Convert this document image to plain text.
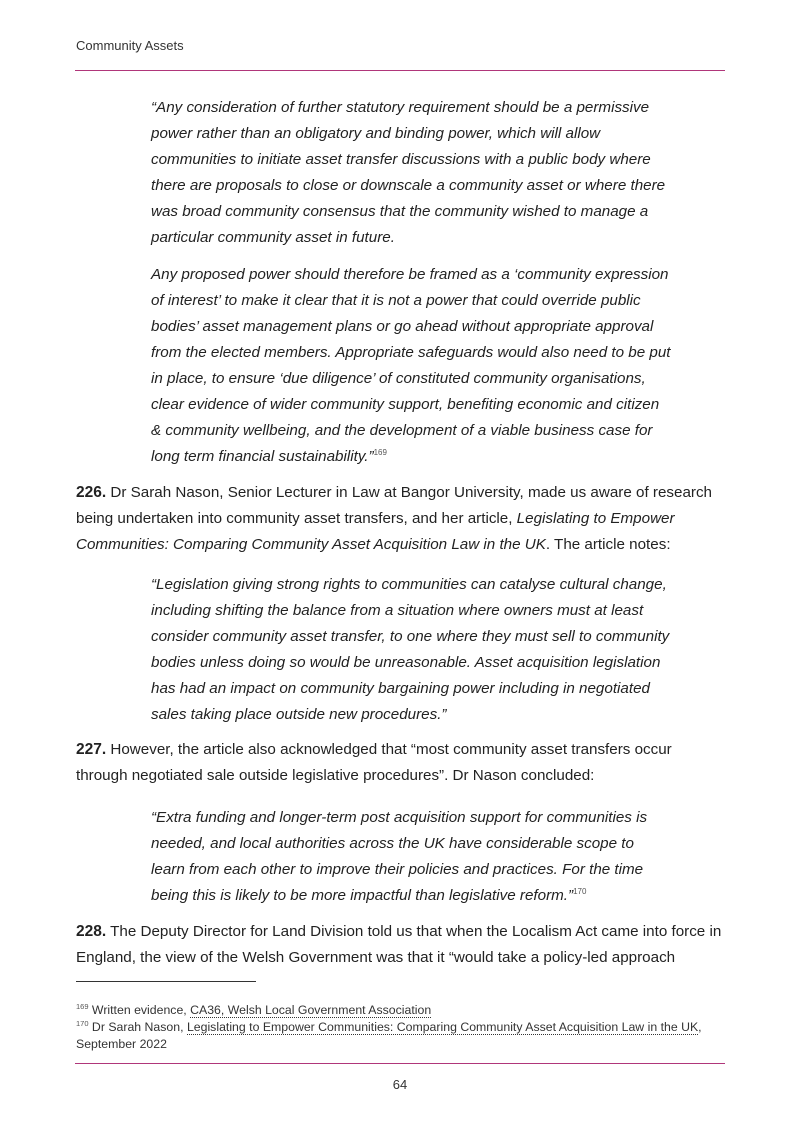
Community Assets
“Any consideration of further statutory requirement should be a permissive power rather than an obligatory and binding power, which will allow communities to initiate asset transfer discussions with a public body where there are proposals to close or downscale a community asset or where there was broad community consensus that the community wished to manage a particular community asset in future.
Any proposed power should therefore be framed as a ‘community expression of interest’ to make it clear that it is not a power that could override public bodies’ asset management plans or go ahead without appropriate approval from the elected members. Appropriate safeguards would also need to be put in place, to ensure ‘due diligence’ of constituted community organisations, clear evidence of wider community support, benefiting economic and citizen & community wellbeing, and the development of a viable business case for long term financial sustainability.”$^{169}$
226. Dr Sarah Nason, Senior Lecturer in Law at Bangor University, made us aware of research being undertaken into community asset transfers, and her article, Legislating to Empower Communities: Comparing Community Asset Acquisition Law in the UK. The article notes:
“Legislation giving strong rights to communities can catalyse cultural change, including shifting the balance from a situation where owners must at least consider community asset transfer, to one where they must sell to community bodies unless doing so would be unreasonable. Asset acquisition legislation has had an impact on community bargaining power including in negotiated sales taking place outside new procedures.”
227. However, the article also acknowledged that “most community asset transfers occur through negotiated sale outside legislative procedures”. Dr Nason concluded:
“Extra funding and longer-term post acquisition support for communities is needed, and local authorities across the UK have considerable scope to learn from each other to improve their policies and practices. For the time being this is likely to be more impactful than legislative reform.”$^{170}$
228. The Deputy Director for Land Division told us that when the Localism Act came into force in England, the view of the Welsh Government was that it “would take a policy-led approach
$^{169}$ Written evidence, CA36, Welsh Local Government Association
$^{170}$ Dr Sarah Nason, Legislating to Empower Communities: Comparing Community Asset Acquisition Law in the UK, September 2022
64
